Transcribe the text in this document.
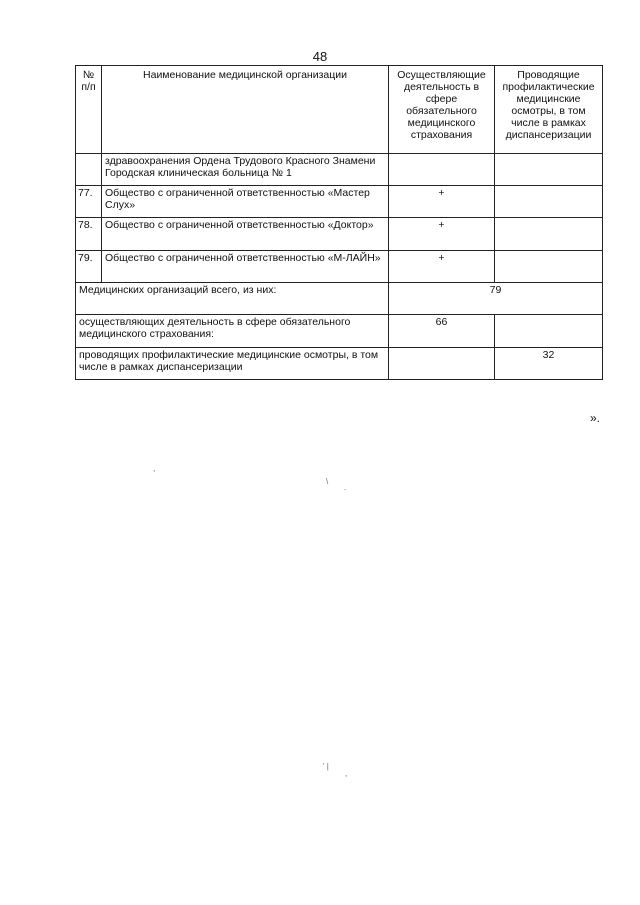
48
№ п/п	Наименование медицинской организации	Осуществляющие деятельность в сфере обязательного медицинского страхования	Проводящие профилактические медицинские осмотры, в том числе в рамках диспансеризации
	здравоохранения Ордена Трудового Красного Знамени Городская клиническая больница № 1		
77.	Общество с ограниченной ответственностью «Мастер Слух»	+	
78.	Общество с ограниченной ответственностью «Доктор»	+	
79.	Общество с ограниченной ответственностью «М-ЛАЙН»	+	
Медицинских организаций всего, из них:		79	
осуществляющих деятельность в сфере обязательного медицинского страхования:		66	
проводящих профилактические медицинские осмотры, в том числе в рамках диспансеризации			32
».
,
\
.
' |
,
